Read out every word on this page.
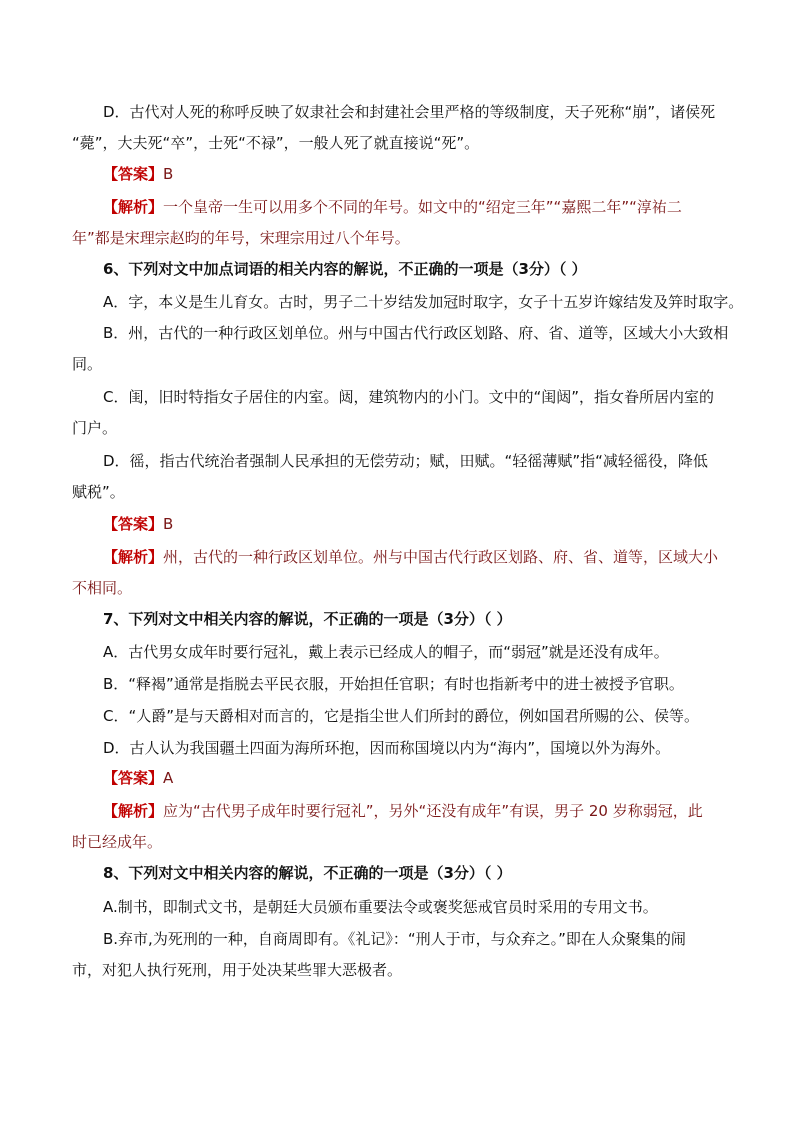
D．古代对人死的称呼反映了奴隶社会和封建社会里严格的等级制度，天子死称“崩”，诸侯死
“薨”，大夫死“卒”，士死“不禄”，一般人死了就直接说“死”。
【答案】B
【解析】一个皇帝一生可以用多个不同的年号。如文中的“绍定三年”“嘉熙二年”“淳祐二
年”都是宋理宗赵昀的年号，宋理宗用过八个年号。
6、下列对文中加点词语的相关内容的解说，不正确的一项是（3分）（ ）
A．字，本义是生儿育女。古时，男子二十岁结发加冠时取字，女子十五岁许嫁结发及笄时取字。
B．州，古代的一种行政区划单位。州与中国古代行政区划路、府、省、道等，区域大小大致相
同。
C．闺，旧时特指女子居住的内室。闼，建筑物内的小门。文中的“闺闼”，指女眷所居内室的
门户。
D．徭，指古代统治者强制人民承担的无偿劳动；赋，田赋。“轻徭薄赋”指“减轻徭役，降低
赋税”。
【答案】B
【解析】州，古代的一种行政区划单位。州与中国古代行政区划路、府、省、道等，区域大小
不相同。
7、下列对文中相关内容的解说，不正确的一项是（3分）（ ）
A．古代男女成年时要行冠礼，戴上表示已经成人的帽子，而“弱冠”就是还没有成年。
B．“释褐”通常是指脱去平民衣服，开始担任官职；有时也指新考中的进士被授予官职。
C．“人爵”是与天爵相对而言的，它是指尘世人们所封的爵位，例如国君所赐的公、侯等。
D．古人认为我国疆土四面为海所环抱，因而称国境以内为“海内”，国境以外为海外。
【答案】A
【解析】应为“古代男子成年时要行冠礼”，另外“还没有成年”有误，男子 20 岁称弱冠，此
时已经成年。
8、下列对文中相关内容的解说，不正确的一项是（3分）（ ）
A.制书，即制式文书，是朝廷大员颁布重要法令或褒奖惩戒官员时采用的专用文书。
B.弃市,为死刑的一种，自商周即有。《礼记》：“刑人于市，与众弃之。”即在人众聚集的闹
市，对犯人执行死刑，用于处决某些罪大恶极者。
